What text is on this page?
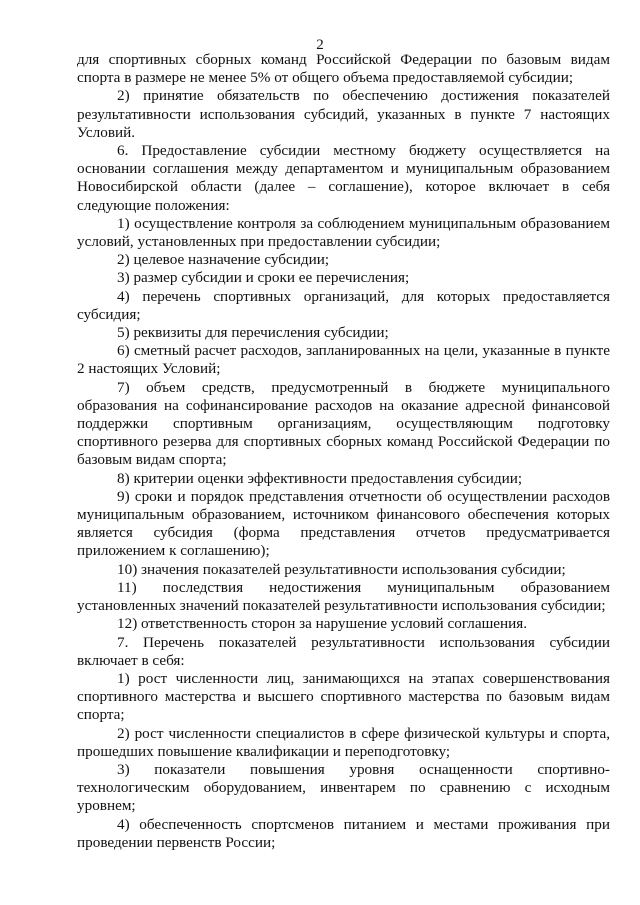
2

для спортивных сборных команд Российской Федерации по базовым видам спорта в размере не менее 5% от общего объема предоставляемой субсидии;

2) принятие обязательств по обеспечению достижения показателей результативности использования субсидий, указанных в пункте 7 настоящих Условий.

6. Предоставление субсидии местному бюджету осуществляется на основании соглашения между департаментом и муниципальным образованием Новосибирской области (далее – соглашение), которое включает в себя следующие положения:

1) осуществление контроля за соблюдением муниципальным образованием условий, установленных при предоставлении субсидии;

2) целевое назначение субсидии;

3) размер субсидии и сроки ее перечисления;

4) перечень спортивных организаций, для которых предоставляется субсидия;

5) реквизиты для перечисления субсидии;

6) сметный расчет расходов, запланированных на цели, указанные в пункте 2 настоящих Условий;

7) объем средств, предусмотренный в бюджете муниципального образования на софинансирование расходов на оказание адресной финансовой поддержки спортивным организациям, осуществляющим подготовку спортивного резерва для спортивных сборных команд Российской Федерации по базовым видам спорта;

8) критерии оценки эффективности предоставления субсидии;

9) сроки и порядок представления отчетности об осуществлении расходов муниципальным образованием, источником финансового обеспечения которых является субсидия (форма представления отчетов предусматривается приложением к соглашению);

10) значения показателей результативности использования субсидии;

11) последствия недостижения муниципальным образованием установленных значений показателей результативности использования субсидии;

12) ответственность сторон за нарушение условий соглашения.

7. Перечень показателей результативности использования субсидии включает в себя:

1) рост численности лиц, занимающихся на этапах совершенствования спортивного мастерства и высшего спортивного мастерства по базовым видам спорта;

2) рост численности специалистов в сфере физической культуры и спорта, прошедших повышение квалификации и переподготовку;

3) показатели повышения уровня оснащенности спортивно-технологическим оборудованием, инвентарем по сравнению с исходным уровнем;

4) обеспеченность спортсменов питанием и местами проживания при проведении первенств России;
